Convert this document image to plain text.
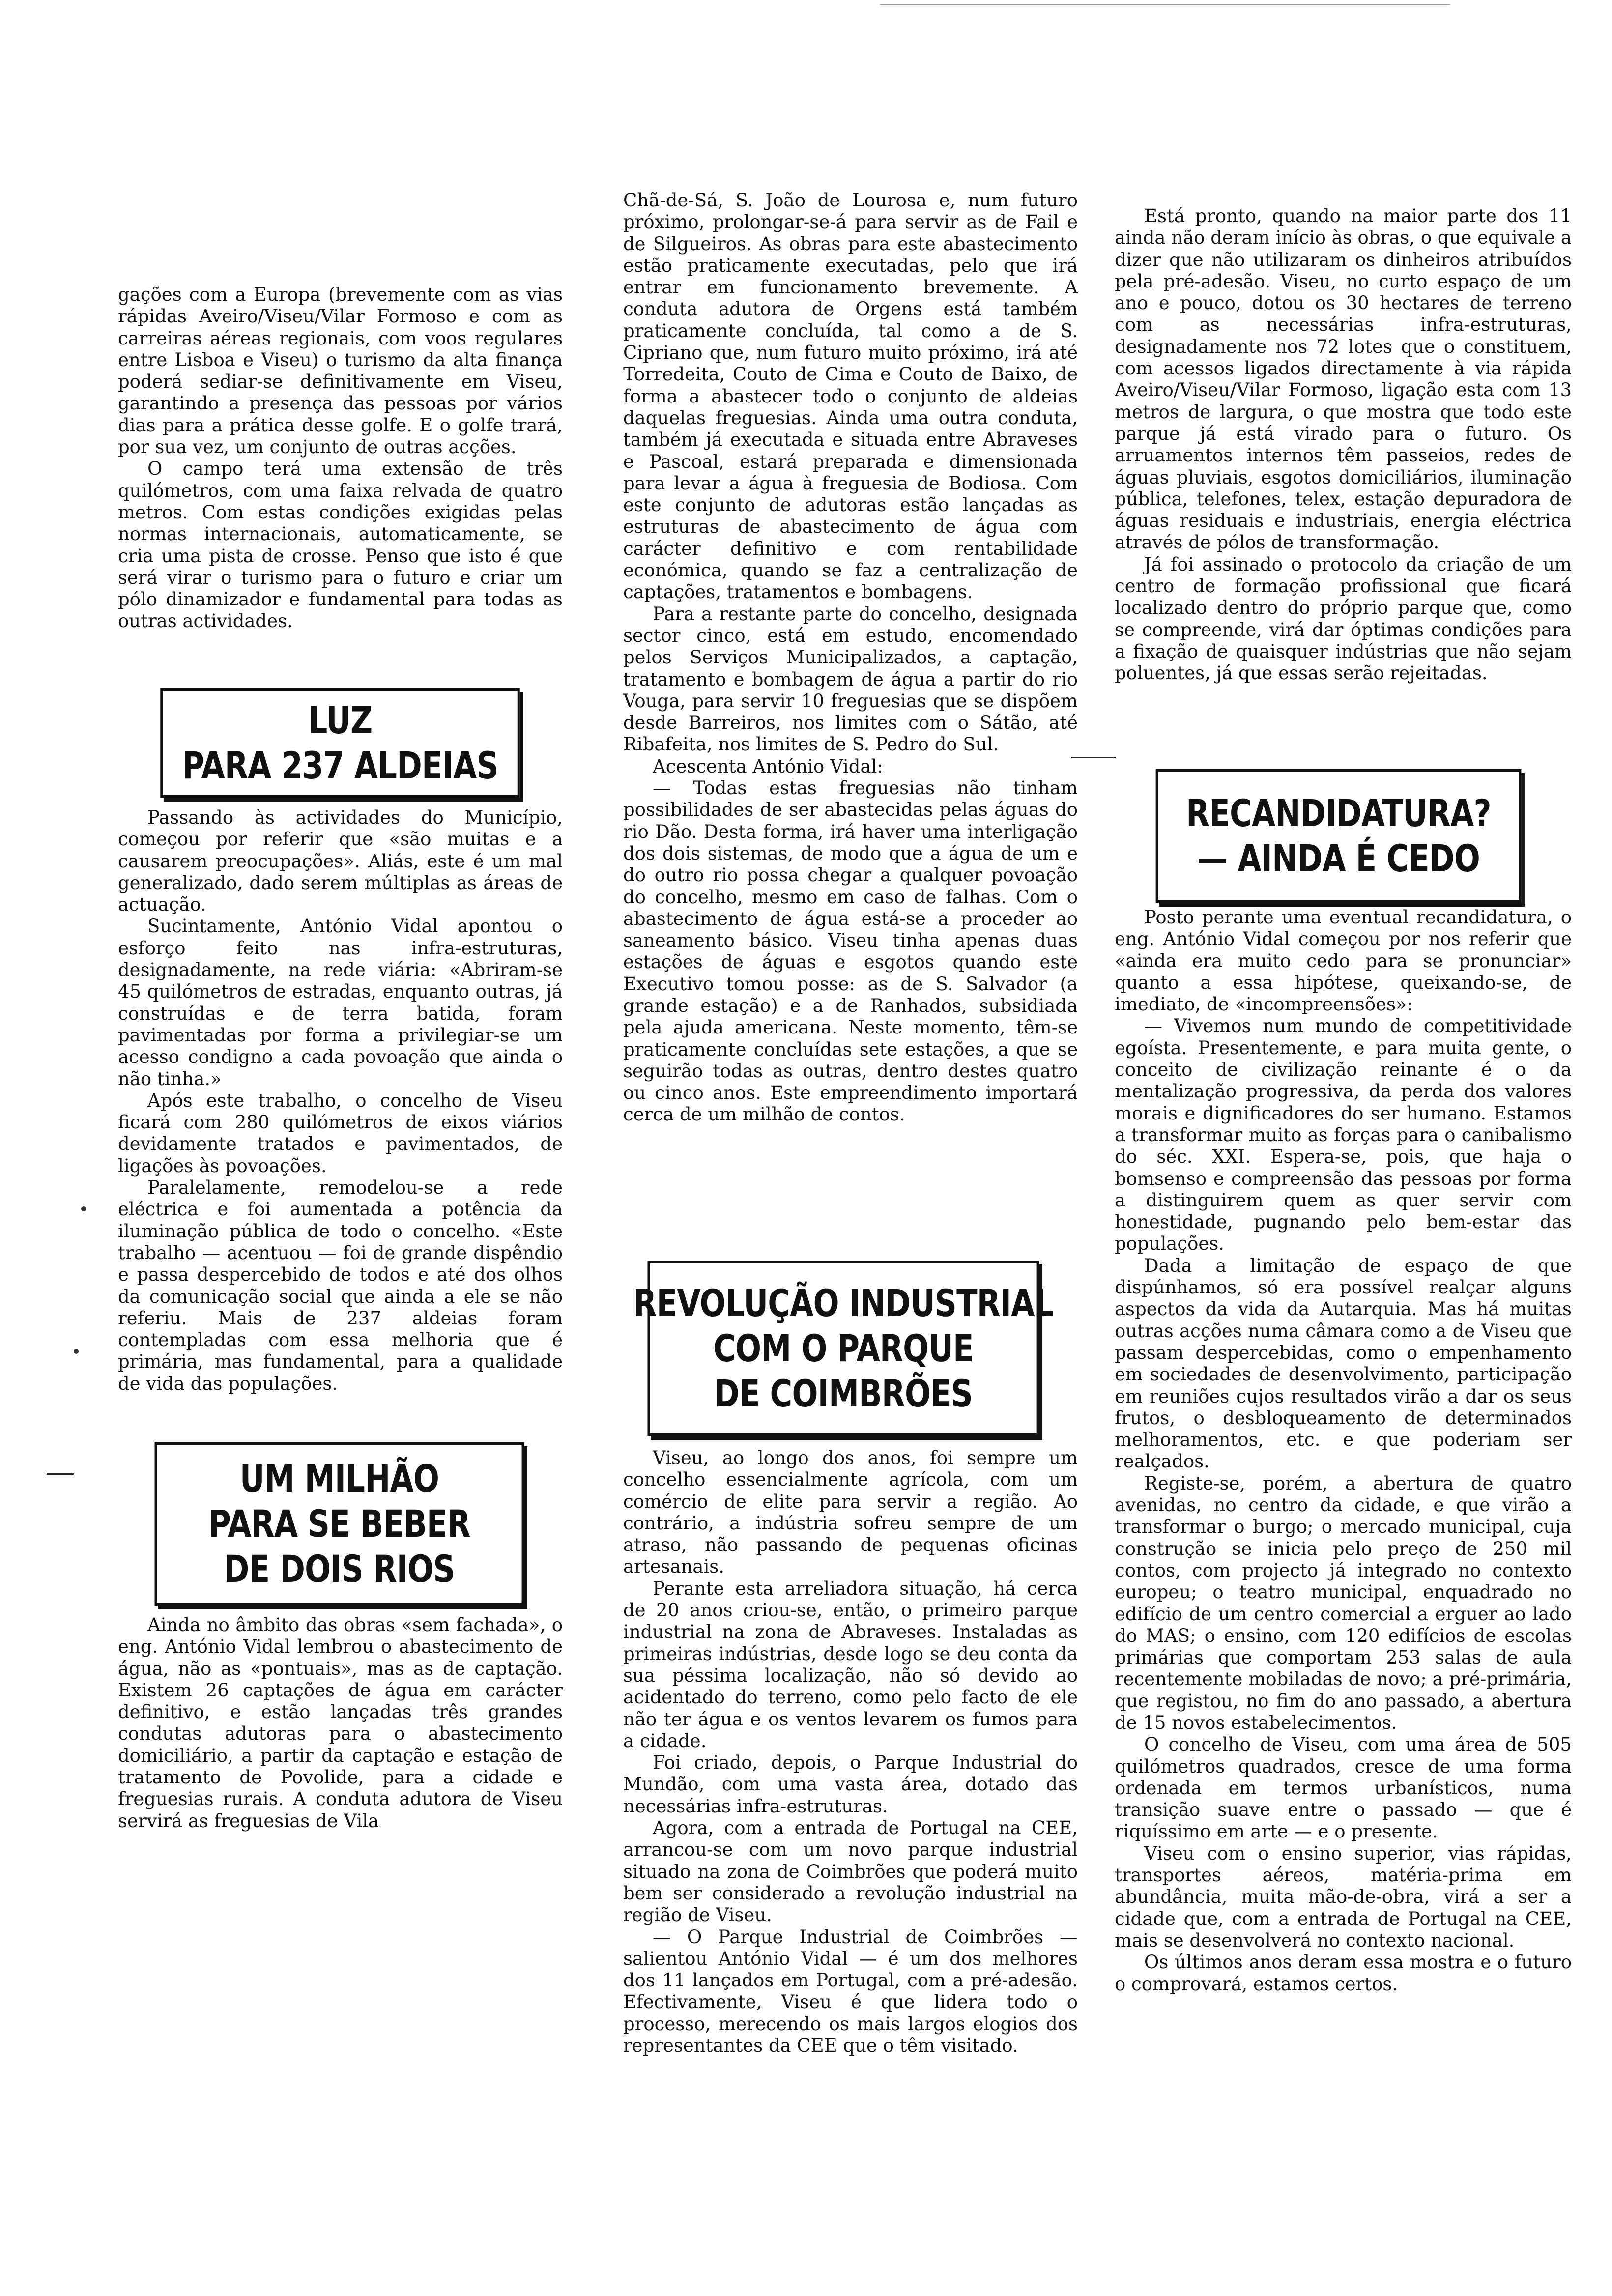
gações com a Europa (brevemente com as vias rápidas Aveiro/Viseu/Vilar Formoso e com as carreiras aéreas regionais, com voos regulares entre Lisboa e Viseu) o turismo da alta finança poderá sediar-se definitivamente em Viseu, garantindo a presença das pessoas por vários dias para a prática desse golfe. E o golfe trará, por sua vez, um conjunto de outras acções.

O campo terá uma extensão de três quilómetros, com uma faixa relvada de quatro metros. Com estas condições exigidas pelas normas internacionais, automaticamente, se cria uma pista de crosse. Penso que isto é que será virar o turismo para o futuro e criar um pólo dinamizador e fundamental para todas as outras actividades.

LUZ
PARA 237 ALDEIAS

Passando às actividades do Município, começou por referir que «são muitas e a causarem preocupações». Aliás, este é um mal generalizado, dado serem múltiplas as áreas de actuação.

Sucintamente, António Vidal apontou o esforço feito nas infra-estruturas, designadamente, na rede viária: «Abriram-se 45 quilómetros de estradas, enquanto outras, já construídas e de terra batida, foram pavimentadas por forma a privilegiar-se um acesso condigno a cada povoação que ainda o não tinha.»

Após este trabalho, o concelho de Viseu ficará com 280 quilómetros de eixos viários devidamente tratados e pavimentados, de ligações às povoações.

Paralelamente, remodelou-se a rede eléctrica e foi aumentada a potência da iluminação pública de todo o concelho. «Este trabalho — acentuou — foi de grande dispêndio e passa despercebido de todos e até dos olhos da comunicação social que ainda a ele se não referiu. Mais de 237 aldeias foram contempladas com essa melhoria que é primária, mas fundamental, para a qualidade de vida das populações.

UM MILHÃO
PARA SE BEBER
DE DOIS RIOS

Ainda no âmbito das obras «sem fachada», o eng. António Vidal lembrou o abastecimento de água, não as «pontuais», mas as de captação. Existem 26 captações de água em carácter definitivo, e estão lançadas três grandes condutas adutoras para o abastecimento domiciliário, a partir da captação e estação de tratamento de Povolide, para a cidade e freguesias rurais. A conduta adutora de Viseu servirá as freguesias de Vila

Chã-de-Sá, S. João de Lourosa e, num futuro próximo, prolongar-se-á para servir as de Fail e de Silgueiros. As obras para este abastecimento estão praticamente executadas, pelo que irá entrar em funcionamento brevemente. A conduta adutora de Orgens está também praticamente concluída, tal como a de S. Cipriano que, num futuro muito próximo, irá até Torredeita, Couto de Cima e Couto de Baixo, de forma a abastecer todo o conjunto de aldeias daquelas freguesias. Ainda uma outra conduta, também já executada e situada entre Abraveses e Pascoal, estará preparada e dimensionada para levar a água à freguesia de Bodiosa. Com este conjunto de adutoras estão lançadas as estruturas de abastecimento de água com carácter definitivo e com rentabilidade económica, quando se faz a centralização de captações, tratamentos e bombagens.

Para a restante parte do concelho, designada sector cinco, está em estudo, encomendado pelos Serviços Municipalizados, a captação, tratamento e bombagem de água a partir do rio Vouga, para servir 10 freguesias que se dispõem desde Barreiros, nos limites com o Sátão, até Ribafeita, nos limites de S. Pedro do Sul.

Acescenta António Vidal:

— Todas estas freguesias não tinham possibilidades de ser abastecidas pelas águas do rio Dão. Desta forma, irá haver uma interligação dos dois sistemas, de modo que a água de um e do outro rio possa chegar a qualquer povoação do concelho, mesmo em caso de falhas. Com o abastecimento de água está-se a proceder ao saneamento básico. Viseu tinha apenas duas estações de águas e esgotos quando este Executivo tomou posse: as de S. Salvador (a grande estação) e a de Ranhados, subsidiada pela ajuda americana. Neste momento, têm-se praticamente concluídas sete estações, a que se seguirão todas as outras, dentro destes quatro ou cinco anos. Este empreendimento importará cerca de um milhão de contos.

REVOLUÇÃO INDUSTRIAL
COM O PARQUE
DE COIMBRÕES

Viseu, ao longo dos anos, foi sempre um concelho essencialmente agrícola, com um comércio de elite para servir a região. Ao contrário, a indústria sofreu sempre de um atraso, não passando de pequenas oficinas artesanais.

Perante esta arreliadora situação, há cerca de 20 anos criou-se, então, o primeiro parque industrial na zona de Abraveses. Instaladas as primeiras indústrias, desde logo se deu conta da sua péssima localização, não só devido ao acidentado do terreno, como pelo facto de ele não ter água e os ventos levarem os fumos para a cidade.

Foi criado, depois, o Parque Industrial do Mundão, com uma vasta área, dotado das necessárias infra-estruturas.

Agora, com a entrada de Portugal na CEE, arrancou-se com um novo parque industrial situado na zona de Coimbrões que poderá muito bem ser considerado a revolução industrial na região de Viseu.

— O Parque Industrial de Coimbrões — salientou António Vidal — é um dos melhores dos 11 lançados em Portugal, com a pré-adesão. Efectivamente, Viseu é que lidera todo o processo, merecendo os mais largos elogios dos representantes da CEE que o têm visitado.

Está pronto, quando na maior parte dos 11 ainda não deram início às obras, o que equivale a dizer que não utilizaram os dinheiros atribuídos pela pré-adesão. Viseu, no curto espaço de um ano e pouco, dotou os 30 hectares de terreno com as necessárias infra-estruturas, designadamente nos 72 lotes que o constituem, com acessos ligados directamente à via rápida Aveiro/Viseu/Vilar Formoso, ligação esta com 13 metros de largura, o que mostra que todo este parque já está virado para o futuro. Os arruamentos internos têm passeios, redes de águas pluviais, esgotos domiciliários, iluminação pública, telefones, telex, estação depuradora de águas residuais e industriais, energia eléctrica através de pólos de transformação.

Já foi assinado o protocolo da criação de um centro de formação profissional que ficará localizado dentro do próprio parque que, como se compreende, virá dar óptimas condições para a fixação de quaisquer indústrias que não sejam poluentes, já que essas serão rejeitadas.

RECANDIDATURA?
— AINDA É CEDO

Posto perante uma eventual recandidatura, o eng. António Vidal começou por nos referir que «ainda era muito cedo para se pronunciar» quanto a essa hipótese, queixando-se, de imediato, de «incompreensões»:

— Vivemos num mundo de competitividade egoísta. Presentemente, e para muita gente, o conceito de civilização reinante é o da mentalização progressiva, da perda dos valores morais e dignificadores do ser humano. Estamos a transformar muito as forças para o canibalismo do séc. XXI. Espera-se, pois, que haja o bomsenso e compreensão das pessoas por forma a distinguirem quem as quer servir com honestidade, pugnando pelo bem-estar das populações.

Dada a limitação de espaço de que dispúnhamos, só era possível realçar alguns aspectos da vida da Autarquia. Mas há muitas outras acções numa câmara como a de Viseu que passam despercebidas, como o empenhamento em sociedades de desenvolvimento, participação em reuniões cujos resultados virão a dar os seus frutos, o desbloqueamento de determinados melhoramentos, etc. e que poderiam ser realçados.

Registe-se, porém, a abertura de quatro avenidas, no centro da cidade, e que virão a transformar o burgo; o mercado municipal, cuja construção se inicia pelo preço de 250 mil contos, com projecto já integrado no contexto europeu; o teatro municipal, enquadrado no edifício de um centro comercial a erguer ao lado do MAS; o ensino, com 120 edifícios de escolas primárias que comportam 253 salas de aula recentemente mobiladas de novo; a pré-primária, que registou, no fim do ano passado, a abertura de 15 novos estabelecimentos.

O concelho de Viseu, com uma área de 505 quilómetros quadrados, cresce de uma forma ordenada em termos urbanísticos, numa transição suave entre o passado — que é riquíssimo em arte — e o presente.

Viseu com o ensino superior, vias rápidas, transportes aéreos, matéria-prima em abundância, muita mão-de-obra, virá a ser a cidade que, com a entrada de Portugal na CEE, mais se desenvolverá no contexto nacional.

Os últimos anos deram essa mostra e o futuro o comprovará, estamos certos.
